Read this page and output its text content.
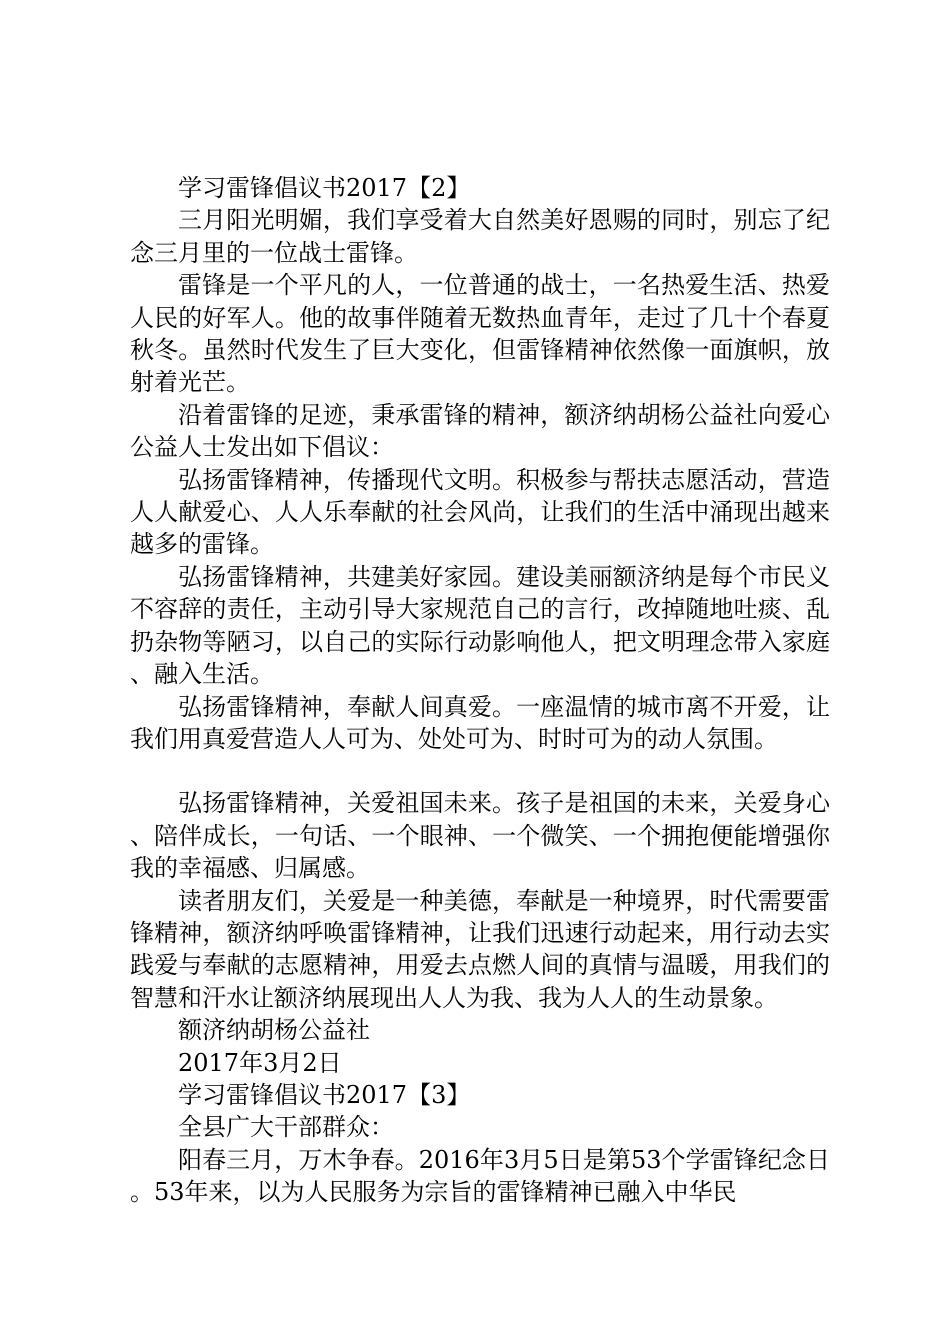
学习雷锋倡议书2017【2】

三月阳光明媚，我们享受着大自然美好恩赐的同时，别忘了纪念三月里的一位战士雷锋。

雷锋是一个平凡的人，一位普通的战士，一名热爱生活、热爱人民的好军人。他的故事伴随着无数热血青年，走过了几十个春夏秋冬。虽然时代发生了巨大变化，但雷锋精神依然像一面旗帜，放射着光芒。

沿着雷锋的足迹，秉承雷锋的精神，额济纳胡杨公益社向爱心公益人士发出如下倡议：

弘扬雷锋精神，传播现代文明。积极参与帮扶志愿活动，营造人人献爱心、人人乐奉献的社会风尚，让我们的生活中涌现出越来越多的雷锋。

弘扬雷锋精神，共建美好家园。建设美丽额济纳是每个市民义不容辞的责任，主动引导大家规范自己的言行，改掉随地吐痰、乱扔杂物等陋习，以自己的实际行动影响他人，把文明理念带入家庭、融入生活。

弘扬雷锋精神，奉献人间真爱。一座温情的城市离不开爱，让我们用真爱营造人人可为、处处可为、时时可为的动人氛围。

弘扬雷锋精神，关爱祖国未来。孩子是祖国的未来，关爱身心、陪伴成长，一句话、一个眼神、一个微笑、一个拥抱便能增强你我的幸福感、归属感。

读者朋友们，关爱是一种美德，奉献是一种境界，时代需要雷锋精神，额济纳呼唤雷锋精神，让我们迅速行动起来，用行动去实践爱与奉献的志愿精神，用爱去点燃人间的真情与温暖，用我们的智慧和汗水让额济纳展现出人人为我、我为人人的生动景象。

额济纳胡杨公益社

2017年3月2日

学习雷锋倡议书2017【3】

全县广大干部群众：

阳春三月，万木争春。2016年3月5日是第53个学雷锋纪念日。53年来，以为人民服务为宗旨的雷锋精神已融入中华民
